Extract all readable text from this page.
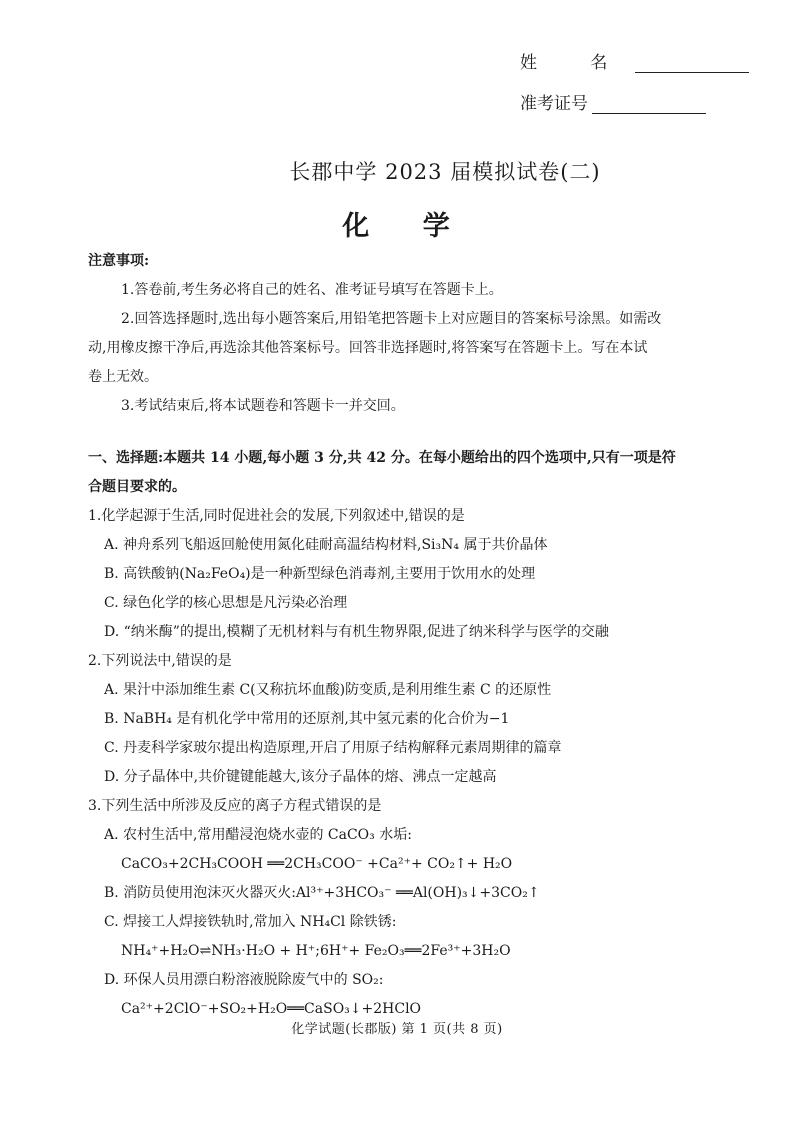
姓 名
准考证号
长郡中学 2023 届模拟试卷(二)
化 学
注意事项:
1.答卷前,考生务必将自己的姓名、准考证号填写在答题卡上。
2.回答选择题时,选出每小题答案后,用铅笔把答题卡上对应题目的答案标号涂黑。如需改
动,用橡皮擦干净后,再选涂其他答案标号。回答非选择题时,将答案写在答题卡上。写在本试
卷上无效。
3.考试结束后,将本试题卷和答题卡一并交回。
一、选择题:本题共 14 小题,每小题 3 分,共 42 分。在每小题给出的四个选项中,只有一项是符
合题目要求的。
1.化学起源于生活,同时促进社会的发展,下列叙述中,错误的是
A. 神舟系列飞船返回舱使用氮化硅耐高温结构材料,Si₃N₄ 属于共价晶体
B. 高铁酸钠(Na₂FeO₄)是一种新型绿色消毒剂,主要用于饮用水的处理
C. 绿色化学的核心思想是凡污染必治理
D. “纳米酶”的提出,模糊了无机材料与有机生物界限,促进了纳米科学与医学的交融
2.下列说法中,错误的是
A. 果汁中添加维生素 C(又称抗坏血酸)防变质,是利用维生素 C 的还原性
B. NaBH₄ 是有机化学中常用的还原剂,其中氢元素的化合价为−1
C. 丹麦科学家玻尔提出构造原理,开启了用原子结构解释元素周期律的篇章
D. 分子晶体中,共价键键能越大,该分子晶体的熔、沸点一定越高
3.下列生活中所涉及反应的离子方程式错误的是
A. 农村生活中,常用醋浸泡烧水壶的 CaCO₃ 水垢:
CaCO₃+2CH₃COOH ══2CH₃COO⁻ +Ca²⁺+ CO₂↑+ H₂O
B. 消防员使用泡沫灭火器灭火:Al³⁺+3HCO₃⁻ ══Al(OH)₃↓+3CO₂↑
C. 焊接工人焊接铁轨时,常加入 NH₄Cl 除铁锈:
NH₄⁺+H₂O⇌NH₃·H₂O + H⁺;6H⁺+ Fe₂O₃══2Fe³⁺+3H₂O
D. 环保人员用漂白粉溶液脱除废气中的 SO₂:
Ca²⁺+2ClO⁻+SO₂+H₂O══CaSO₃↓+2HClO
化学试题(长郡版) 第 1 页(共 8 页)
